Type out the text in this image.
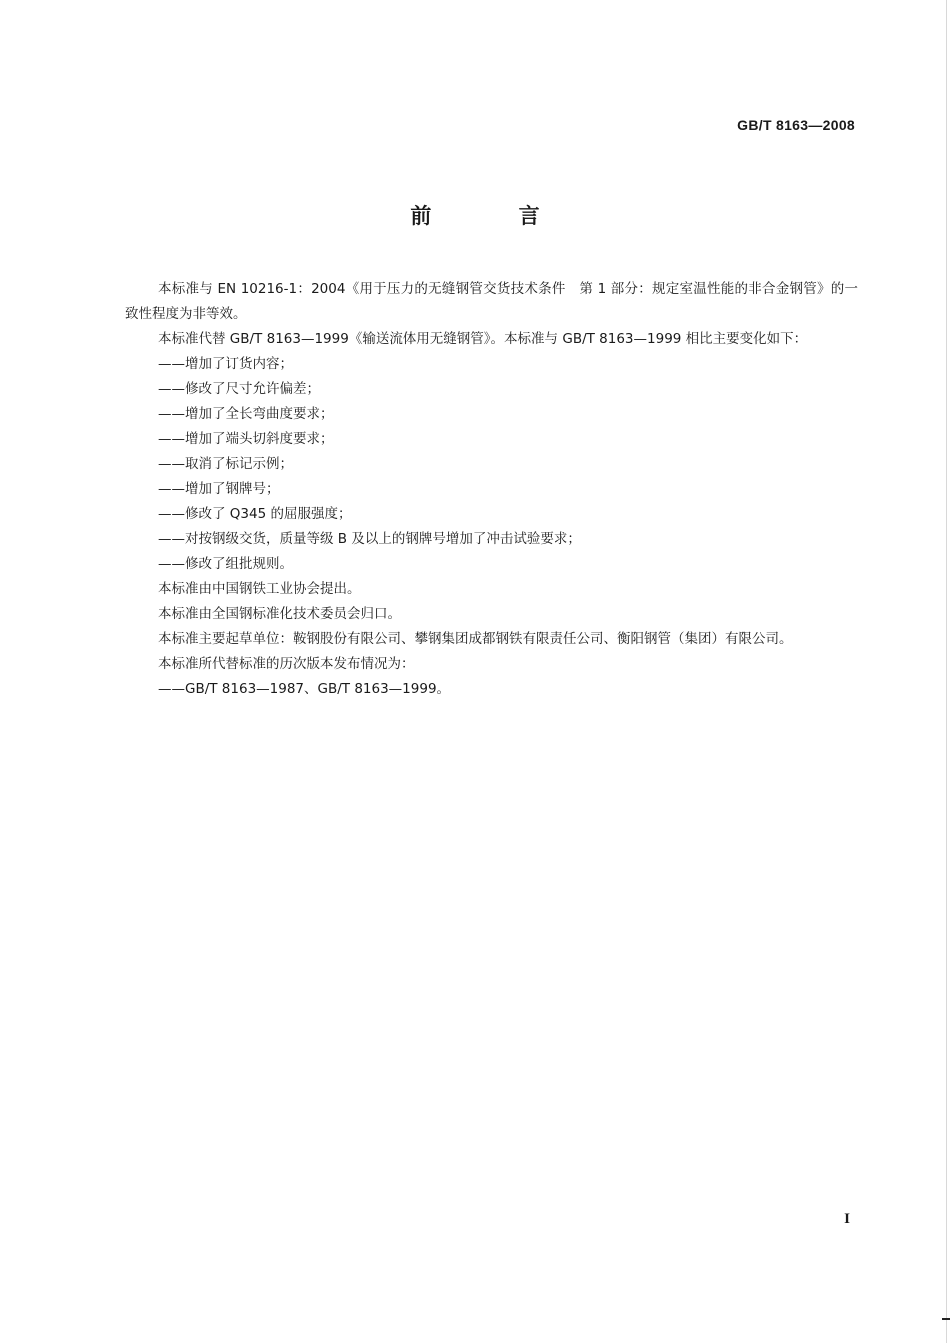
GB/T 8163—2008
前 言

本标准与 EN 10216-1：2004《用于压力的无缝钢管交货技术条件　第 1 部分：规定室温性能的非合金钢管》的一致性程度为非等效。

本标准代替 GB/T 8163—1999《输送流体用无缝钢管》。本标准与 GB/T 8163—1999 相比主要变化如下：

——增加了订货内容；

——修改了尺寸允许偏差；

——增加了全长弯曲度要求；

——增加了端头切斜度要求；

——取消了标记示例；

——增加了钢牌号；

——修改了 Q345 的屈服强度；

——对按钢级交货，质量等级 B 及以上的钢牌号增加了冲击试验要求；

——修改了组批规则。

本标准由中国钢铁工业协会提出。

本标准由全国钢标准化技术委员会归口。

本标准主要起草单位：鞍钢股份有限公司、攀钢集团成都钢铁有限责任公司、衡阳钢管（集团）有限公司。

本标准所代替标准的历次版本发布情况为：

——GB/T 8163—1987、GB/T 8163—1999。

I
